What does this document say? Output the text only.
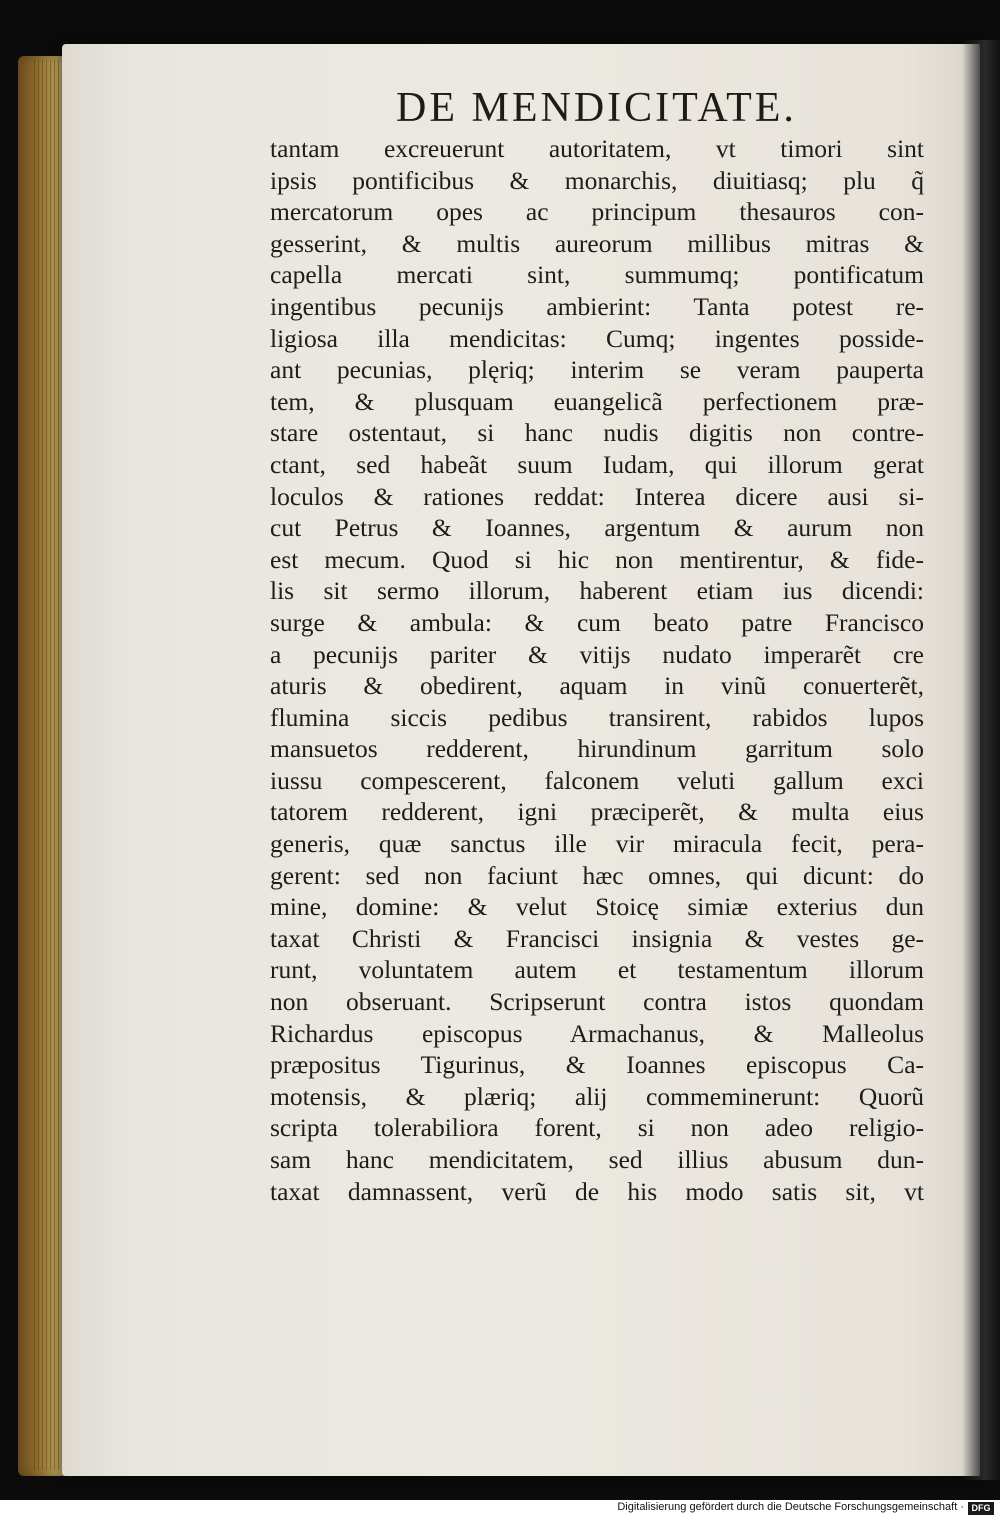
DE MENDICITATE.
tantam excreuerunt autoritatem, vt timori sint
ipsis pontificibus & monarchis, diuitiasq; plu q̃
mercatorum opes ac principum thesauros con-
gesserint, & multis aureorum millibus mitras &
capella mercati sint, summumq; pontificatum
ingentibus pecunijs ambierint: Tanta potest re-
ligiosa illa mendicitas: Cumq; ingentes posside-
ant pecunias, plęriq; interim se veram pauperta
tem, & plusquam euangelicã perfectionem præ-
stare ostentaut, si hanc nudis digitis non contre-
ctant, sed habeãt suum Iudam, qui illorum gerat
loculos & rationes reddat: Interea dicere ausi si-
cut Petrus & Ioannes, argentum & aurum non
est mecum. Quod si hic non mentirentur, & fide-
lis sit sermo illorum, haberent etiam ius dicendi:
surge & ambula: & cum beato patre Francisco
a pecunijs pariter & vitijs nudato imperarẽt cre
aturis & obedirent, aquam in vinũ conuerterẽt,
flumina siccis pedibus transirent, rabidos lupos
mansuetos redderent, hirundinum garritum solo
iussu compescerent, falconem veluti gallum exci
tatorem redderent, igni præciperẽt, & multa eius
generis, quæ sanctus ille vir miracula fecit, pera-
gerent: sed non faciunt hæc omnes, qui dicunt: do
mine, domine: & velut Stoicę simiæ exterius dun
taxat Christi & Francisci insignia & vestes ge-
runt, voluntatem autem et testamentum illorum
non obseruant. Scripserunt contra istos quondam
Richardus episcopus Armachanus, & Malleolus
præpositus Tigurinus, & Ioannes episcopus Ca-
motensis, & plæriq; alij commeminerunt: Quorũ
scripta tolerabiliora forent, si non adeo religio-
sam hanc mendicitatem, sed illius abusum dun-
taxat damnassent, verũ de his modo satis sit, vt
Digitalisierung gefördert durch die Deutsche Forschungsgemeinschaft · DFG
